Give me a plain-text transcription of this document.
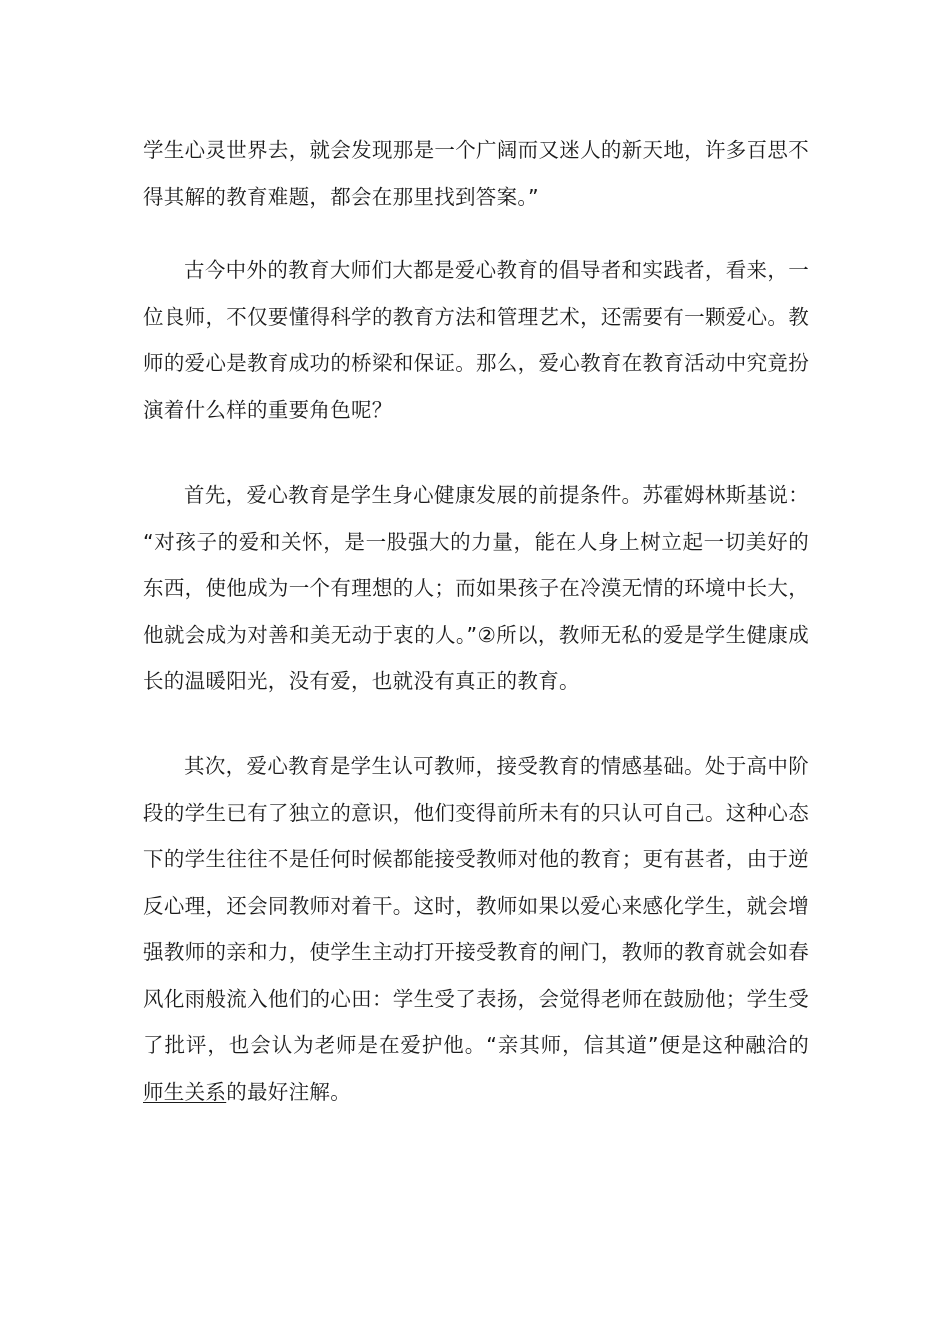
学生心灵世界去，就会发现那是一个广阔而又迷人的新天地，许多百思不得其解的教育难题，都会在那里找到答案。”

古今中外的教育大师们大都是爱心教育的倡导者和实践者，看来，一位良师，不仅要懂得科学的教育方法和管理艺术，还需要有一颗爱心。教师的爱心是教育成功的桥梁和保证。那么，爱心教育在教育活动中究竟扮演着什么样的重要角色呢？

首先，爱心教育是学生身心健康发展的前提条件。苏霍姆林斯基说：“对孩子的爱和关怀，是一股强大的力量，能在人身上树立起一切美好的东西，使他成为一个有理想的人；而如果孩子在冷漠无情的环境中长大，他就会成为对善和美无动于衷的人。”②所以，教师无私的爱是学生健康成长的温暖阳光，没有爱，也就没有真正的教育。

其次，爱心教育是学生认可教师，接受教育的情感基础。处于高中阶段的学生已有了独立的意识，他们变得前所未有的只认可自己。这种心态下的学生往往不是任何时候都能接受教师对他的教育；更有甚者，由于逆反心理，还会同教师对着干。这时，教师如果以爱心来感化学生，就会增强教师的亲和力，使学生主动打开接受教育的闸门，教师的教育就会如春风化雨般流入他们的心田：学生受了表扬，会觉得老师在鼓励他；学生受了批评，也会认为老师是在爱护他。“亲其师，信其道”便是这种融洽的师生关系的最好注解。
